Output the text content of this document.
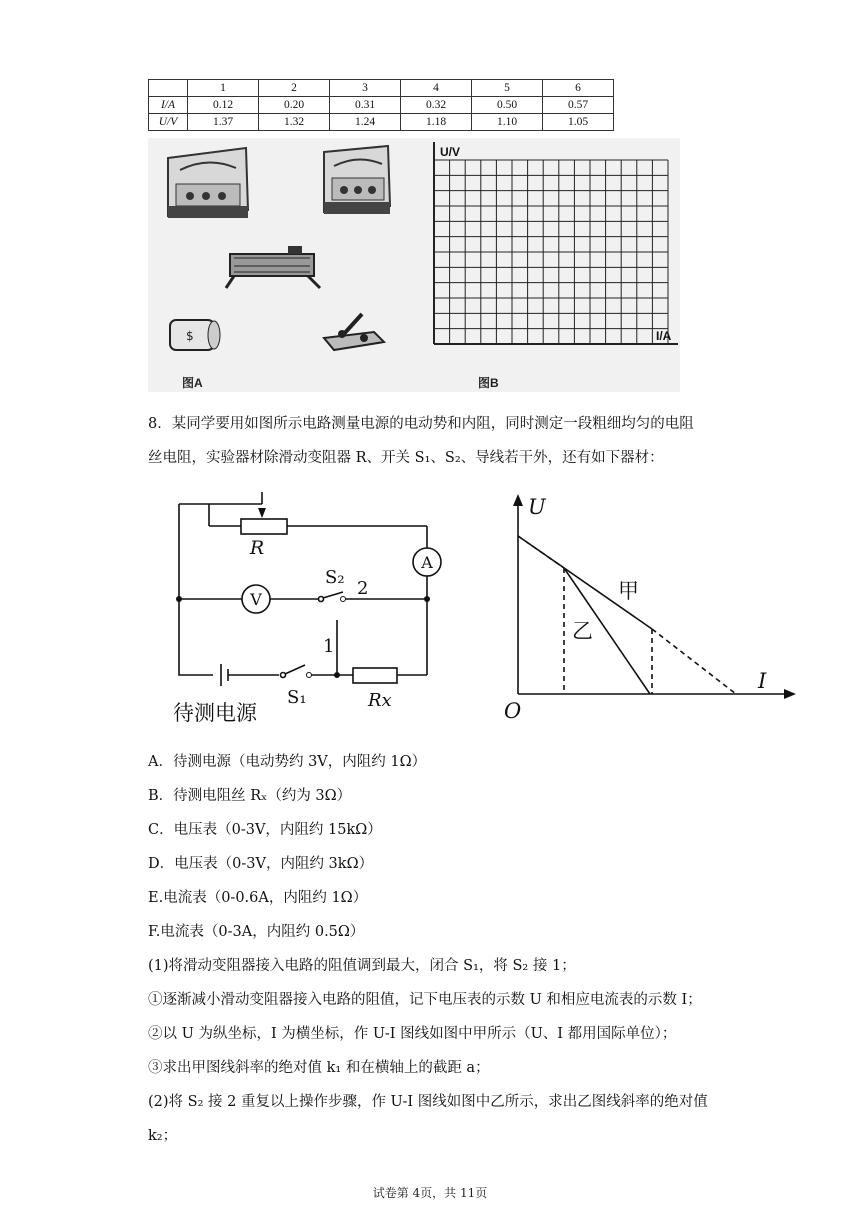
	1	2	3	4	5	6
I/A	0.12	0.20	0.31	0.32	0.50	0.57
U/V	1.37	1.32	1.24	1.18	1.10	1.05
$
U/V
I/A
图A	图B
8．某同学要用如图所示电路测量电源的电动势和内阻，同时测定一段粗细均匀的电阻
丝电阻，实验器材除滑动变阻器 R、开关 S₁、S₂、导线若干外，还有如下器材：
R
A
V
S₂
2
1
S₁	Rx
待测电源
U
I
O
甲
乙
A．待测电源（电动势约 3V，内阻约 1Ω）
B．待测电阻丝 Rₓ（约为 3Ω）
C．电压表（0-3V，内阻约 15kΩ）
D．电压表（0-3V，内阻约 3kΩ）
E.电流表（0-0.6A，内阻约 1Ω）
F.电流表（0-3A，内阻约 0.5Ω）
(1)将滑动变阻器接入电路的阻值调到最大，闭合 S₁，将 S₂ 接 1；
①逐渐减小滑动变阻器接入电路的阻值，记下电压表的示数 U 和相应电流表的示数 I；
②以 U 为纵坐标，I 为横坐标，作 U-I 图线如图中甲所示（U、I 都用国际单位）；
③求出甲图线斜率的绝对值 k₁ 和在横轴上的截距 a；
(2)将 S₂ 接 2 重复以上操作步骤，作 U-I 图线如图中乙所示，求出乙图线斜率的绝对值
k₂；
试卷第 4页，共 11页
